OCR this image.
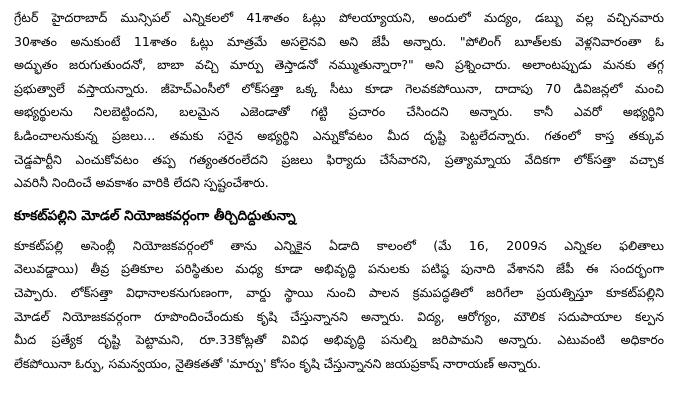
గ్రేటర్ హైదరాబాద్ మున్సిపల్ ఎన్నికలలో 41శాతం ఓట్లు పోలయ్యాయని, అందులో మద్యం, డబ్బు వల్ల వచ్చినవారు
30శాతం అనుకుంటే 11శాతం ఓట్లు మాత్రమే అసలైనవి అని జేపీ అన్నారు. "పోలింగ్ బూత్‌లకు వెళ్లనివారంతా ఓ
అద్భుతం జరుగుతుందనో, బాబా వచ్చి మార్పు తెస్తాడనో నమ్ముతున్నారా?" అని ప్రశ్నించారు. అలాంటప్పుడు మనకు తగ్గ
ప్రభుత్వాలే వస్తాయన్నారు. జీహెచ్ఎంసీలో లోక్‌సత్తా ఒక్క సీటు కూడా గెలవకపోయినా, దాదాపు 70 డివిజన్లలో మంచి
అభ్యర్థులను నిలబెట్టిందని, బలమైన ఎజెండాతో గట్టి ప్రచారం చేసిందని అన్నారు. కానీ ఎవరో అభ్యర్థిని
ఓడించాలనుకున్న ప్రజలు... తమకు సరైన అభ్యర్థిని ఎన్నుకోవటం మీద దృష్టి పెట్టలేదన్నారు. గతంలో కాస్త తక్కువ
చెడ్డపార్టీని ఎంచుకోవటం తప్ప గత్యంతరంలేదని ప్రజలు ఫిర్యాదు చేసేవారని, ప్రత్యామ్నాయ వేదికగా లోక్‌సత్తా వచ్చాక
ఎవరినీ నిందించే అవకాశం వారికి లేదని స్పష్టంచేశారు.
కూకట్‌పల్లిని మోడల్ నియోజకవర్గంగా తీర్చిదిద్దుతున్నా
కూకట్‌పల్లి అసెంబ్లీ నియోజకవర్గంలో తాను ఎన్నికైన ఏడాది కాలంలో (మే 16, 2009న ఎన్నికల ఫలితాలు
వెలువడ్డాయి) తీవ్ర ప్రతికూల పరిస్థితుల మధ్య కూడా అభివృద్ధి పనులకు పటిష్ఠ పునాది వేశానని జేపీ ఈ సందర్భంగా
చెప్పారు. లోక్‌సత్తా విధానాలకనుగుణంగా, వార్డు స్థాయి నుంచి పాలన క్రమపద్ధతిలో జరిగేలా ప్రయత్నిస్తూ కూకట్‌పల్లిని
మోడల్ నియోజకవర్గంగా రూపొందించేందుకు కృషి చేస్తున్నానని అన్నారు. విద్య, ఆరోగ్యం, మౌలిక సదుపాయాల కల్పన
మీద ప్రత్యేక దృష్టి పెట్టామని, రూ.33కోట్లతో వివిధ అభివృద్ధి పనుల్ని జరిపామని అన్నారు. ఎటువంటి అధికారం
లేకపోయినా ఓర్పు, సమన్వయం, నైతికతతో 'మార్పు' కోసం కృషి చేస్తున్నానని జయప్రకాష్ నారాయణ్ అన్నారు.
